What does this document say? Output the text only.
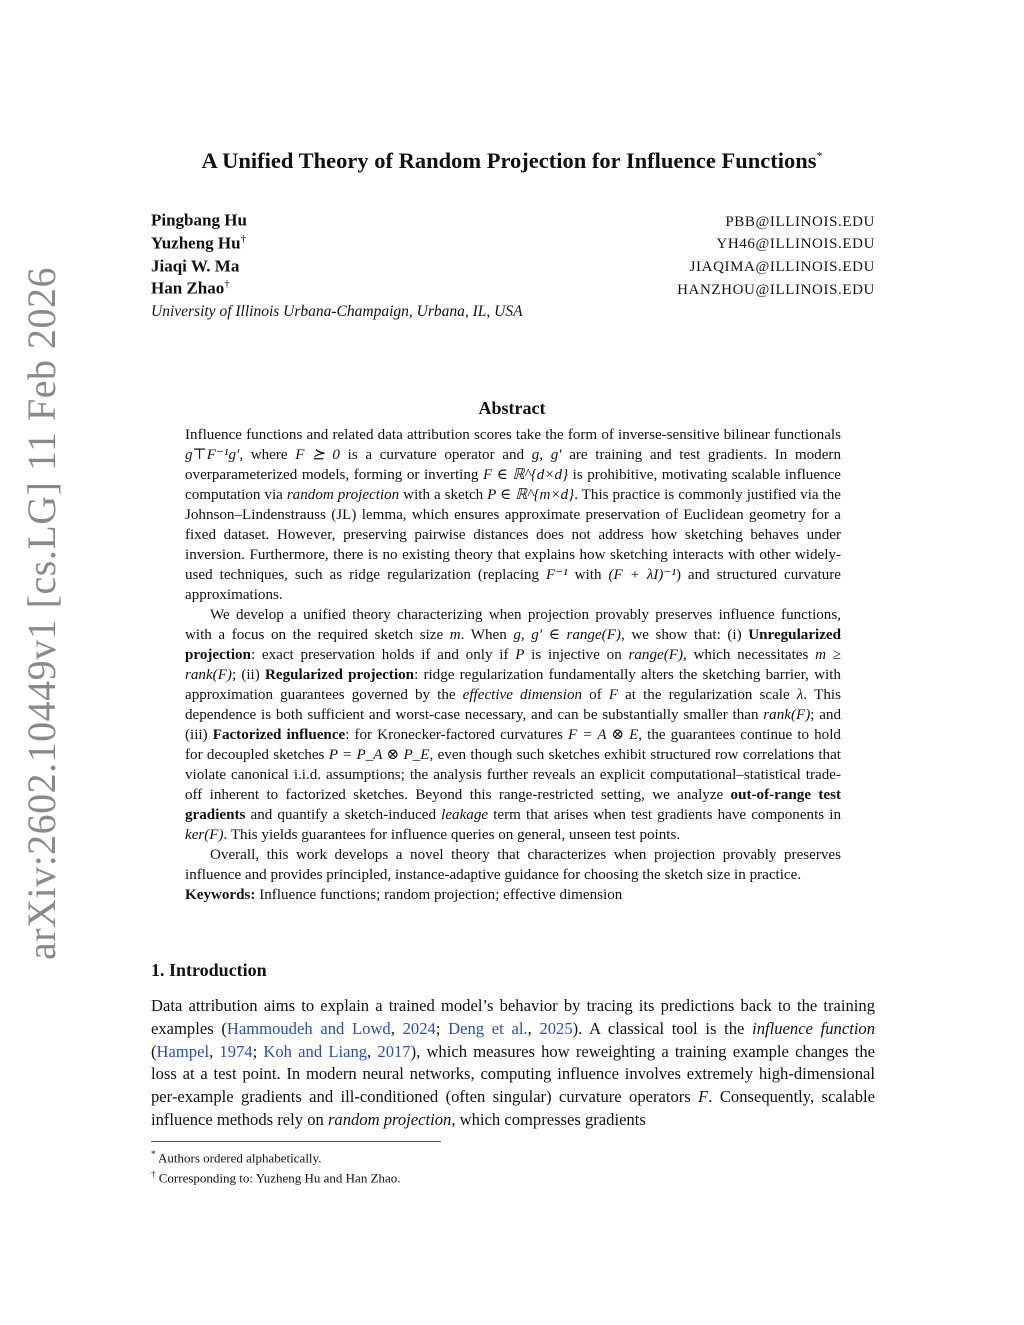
arXiv:2602.10449v1 [cs.LG] 11 Feb 2026
A Unified Theory of Random Projection for Influence Functions*
Pingbang Hu	PBB@ILLINOIS.EDU
Yuzheng Hu†	YH46@ILLINOIS.EDU
Jiaqi W. Ma	JIAQIMA@ILLINOIS.EDU
Han Zhao†	HANZHOU@ILLINOIS.EDU
University of Illinois Urbana-Champaign, Urbana, IL, USA
Abstract

Influence functions and related data attribution scores take the form of inverse-sensitive bilinear functionals g⊤F⁻¹g′, where F ⪰ 0 is a curvature operator and g, g′ are training and test gradients. In modern overparameterized models, forming or inverting F ∈ ℝ^{d×d} is prohibitive, motivating scalable influence computation via random projection with a sketch P ∈ ℝ^{m×d}. This practice is commonly justified via the Johnson–Lindenstrauss (JL) lemma, which ensures approximate preservation of Euclidean geometry for a fixed dataset. However, preserving pairwise distances does not address how sketching behaves under inversion. Furthermore, there is no existing theory that explains how sketching interacts with other widely-used techniques, such as ridge regularization (replacing F⁻¹ with (F + λI)⁻¹) and structured curvature approximations.

We develop a unified theory characterizing when projection provably preserves influence functions, with a focus on the required sketch size m. When g, g′ ∈ range(F), we show that: (i) Unregularized projection: exact preservation holds if and only if P is injective on range(F), which necessitates m ≥ rank(F); (ii) Regularized projection: ridge regularization fundamentally alters the sketching barrier, with approximation guarantees governed by the effective dimension of F at the regularization scale λ. This dependence is both sufficient and worst-case necessary, and can be substantially smaller than rank(F); and (iii) Factorized influence: for Kronecker-factored curvatures F = A ⊗ E, the guarantees continue to hold for decoupled sketches P = P_A ⊗ P_E, even though such sketches exhibit structured row correlations that violate canonical i.i.d. assumptions; the analysis further reveals an explicit computational–statistical trade-off inherent to factorized sketches. Beyond this range-restricted setting, we analyze out-of-range test gradients and quantify a sketch-induced leakage term that arises when test gradients have components in ker(F). This yields guarantees for influence queries on general, unseen test points.

Overall, this work develops a novel theory that characterizes when projection provably preserves influence and provides principled, instance-adaptive guidance for choosing the sketch size in practice.

Keywords: Influence functions; random projection; effective dimension

1. Introduction

Data attribution aims to explain a trained model’s behavior by tracing its predictions back to the training examples (Hammoudeh and Lowd, 2024; Deng et al., 2025). A classical tool is the influence function (Hampel, 1974; Koh and Liang, 2017), which measures how reweighting a training example changes the loss at a test point. In modern neural networks, computing influence involves extremely high-dimensional per-example gradients and ill-conditioned (often singular) curvature operators F. Consequently, scalable influence methods rely on random projection, which compresses gradients

* Authors ordered alphabetically.
† Corresponding to: Yuzheng Hu and Han Zhao.
